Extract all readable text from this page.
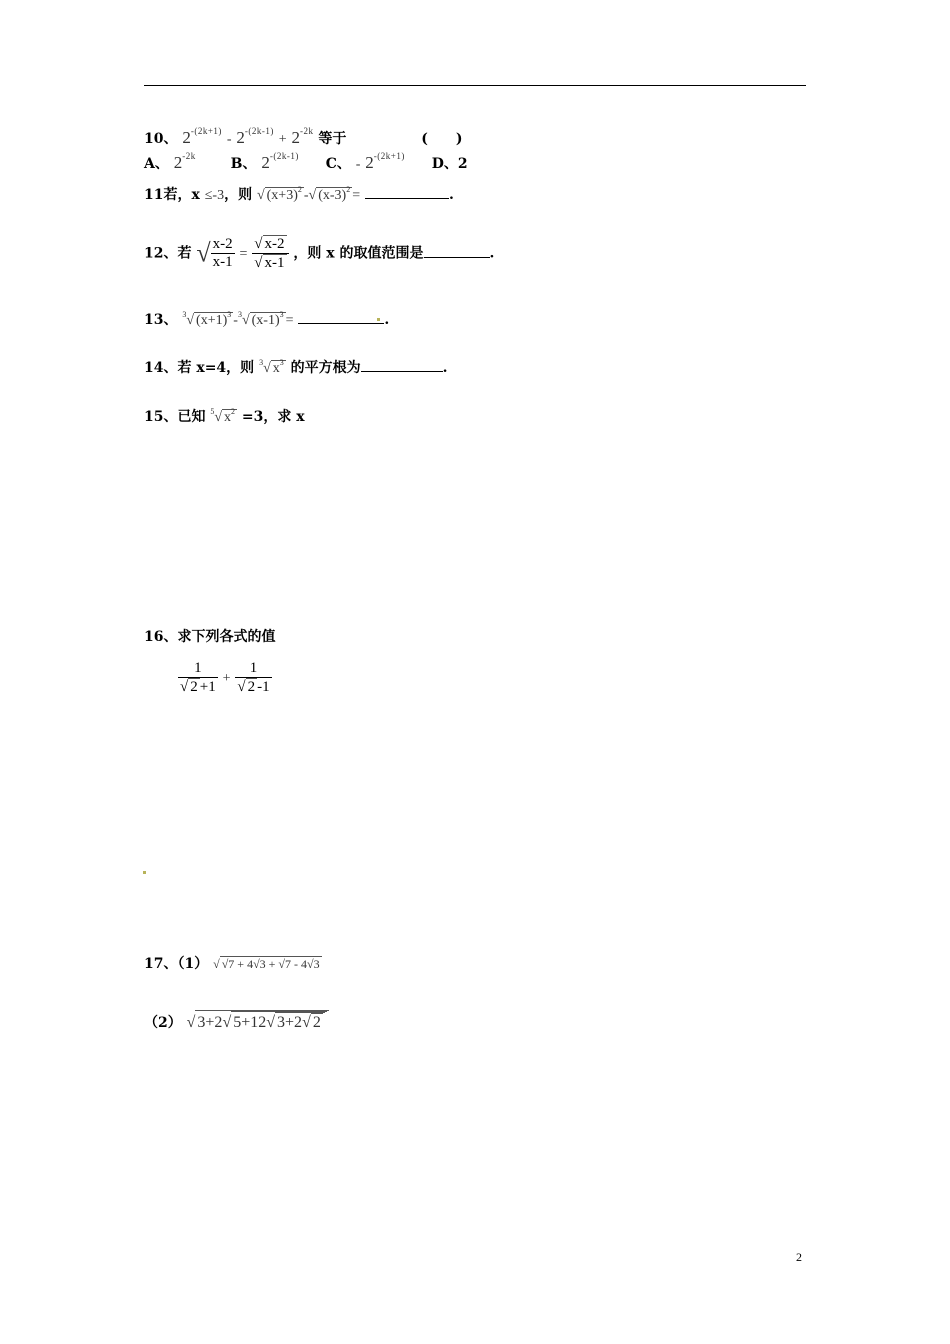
10、 $2^{-(2k+1)} - 2^{-(2k-1)} + 2^{-2k}$ 等于	(　　)
A、 $2^{-2k}$ B、 $2^{-(2k-1)}$ C、 - $2^{-(2k+1)}$ D、2
11若，x ≤-3，则 √ $(x+3)^2$ -√ $(x-3)^2$ =	.
12、若 √ $\frac{x-2}{x-1} = \frac{√ x-2}{√ x-1}$ ，则 x 的取值范围是	.
13、 $^3$√ $(x+1)^3$ -$^3$√ $(x-1)^3$ =	.
14、若 x=4，则 $^3$√ $x^3$ 的平方根为	.
15、已知 $^5$√ $x^2 =3$，求 x
16、求下列各式的值
$\frac{1}{√ 2 +1} + \frac{1}{√ 2 -1}$
17、（1） √ √7 + 4√3 + √7 - 4√3
（2） √ 3+2√ 5+12√ 3+2√ 2
2
